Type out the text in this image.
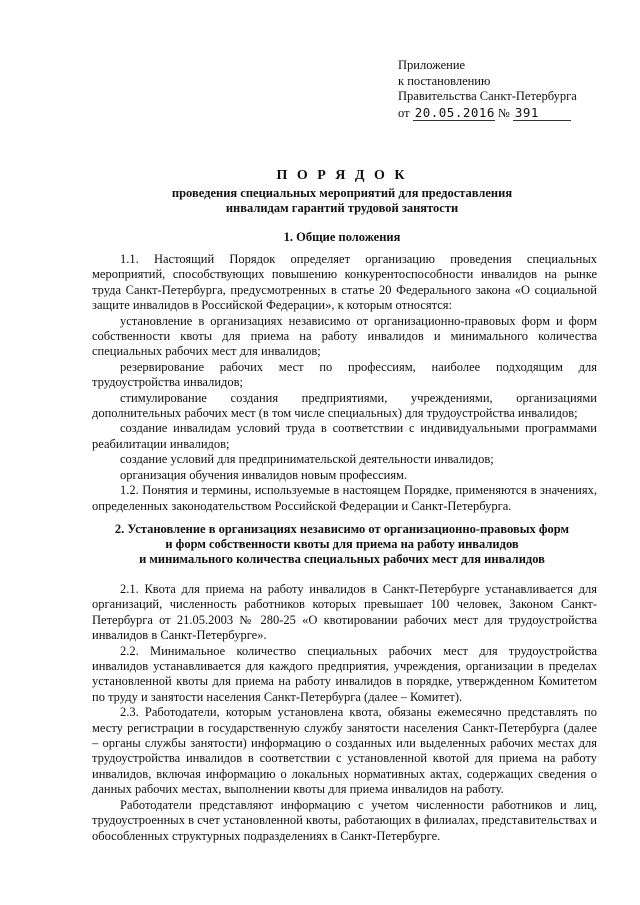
Приложение
к постановлению
Правительства Санкт-Петербурга
от 20.05.2016 № 391
П О Р Я Д О К
проведения специальных мероприятий для предоставления
инвалидам гарантий трудовой занятости
1. Общие положения

1.1. Настоящий Порядок определяет организацию проведения специальных мероприятий, способствующих повышению конкурентоспособности инвалидов на рынке труда Санкт-Петербурга, предусмотренных в статье 20 Федерального закона «О социальной защите инвалидов в Российской Федерации», к которым относятся:

установление в организациях независимо от организационно-правовых форм и форм собственности квоты для приема на работу инвалидов и минимального количества специальных рабочих мест для инвалидов;

резервирование рабочих мест по профессиям, наиболее подходящим для трудоустройства инвалидов;

стимулирование создания предприятиями, учреждениями, организациями дополнительных рабочих мест (в том числе специальных) для трудоустройства инвалидов;

создание инвалидам условий труда в соответствии с индивидуальными программами реабилитации инвалидов;

создание условий для предпринимательской деятельности инвалидов;

организация обучения инвалидов новым профессиям.

1.2. Понятия и термины, используемые в настоящем Порядке, применяются в значениях, определенных законодательством Российской Федерации и Санкт-Петербурга.

2. Установление в организациях независимо от организационно-правовых форм
и форм собственности квоты для приема на работу инвалидов
и минимального количества специальных рабочих мест для инвалидов

2.1. Квота для приема на работу инвалидов в Санкт-Петербурге устанавливается для организаций, численность работников которых превышает 100 человек, Законом Санкт-Петербурга от 21.05.2003 № 280-25 «О квотировании рабочих мест для трудоустройства инвалидов в Санкт-Петербурге».

2.2. Минимальное количество специальных рабочих мест для трудоустройства инвалидов устанавливается для каждого предприятия, учреждения, организации в пределах установленной квоты для приема на работу инвалидов в порядке, утвержденном Комитетом по труду и занятости населения Санкт-Петербурга (далее – Комитет).

2.3. Работодатели, которым установлена квота, обязаны ежемесячно представлять по месту регистрации в государственную службу занятости населения Санкт-Петербурга (далее – органы службы занятости) информацию о созданных или выделенных рабочих местах для трудоустройства инвалидов в соответствии с установленной квотой для приема на работу инвалидов, включая информацию о локальных нормативных актах, содержащих сведения о данных рабочих местах, выполнении квоты для приема инвалидов на работу.

Работодатели представляют информацию с учетом численности работников и лиц, трудоустроенных в счет установленной квоты, работающих в филиалах, представительствах и обособленных структурных подразделениях в Санкт-Петербурге.
